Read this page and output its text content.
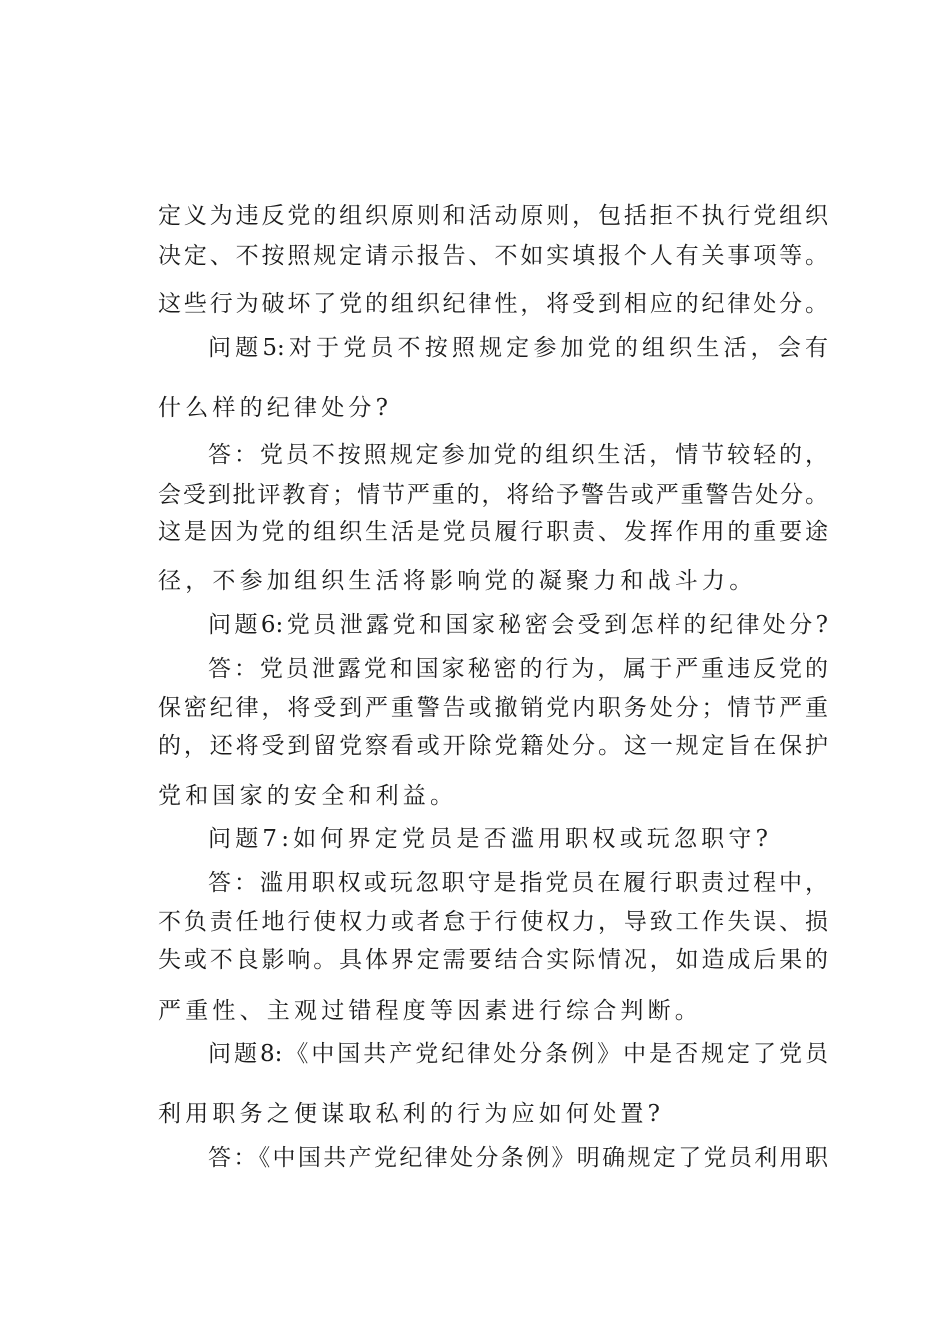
定义为违反党的组织原则和活动原则，包括拒不执行党组织
决定、不按照规定请示报告、不如实填报个人有关事项等。
这些行为破坏了党的组织纪律性，将受到相应的纪律处分。
问题5:对于党员不按照规定参加党的组织生活，会有
什么样的纪律处分?
答：党员不按照规定参加党的组织生活，情节较轻的，
会受到批评教育；情节严重的，将给予警告或严重警告处分。
这是因为党的组织生活是党员履行职责、发挥作用的重要途
径，不参加组织生活将影响党的凝聚力和战斗力。
问题6:党员泄露党和国家秘密会受到怎样的纪律处分?
答：党员泄露党和国家秘密的行为，属于严重违反党的
保密纪律，将受到严重警告或撤销党内职务处分；情节严重
的，还将受到留党察看或开除党籍处分。这一规定旨在保护
党和国家的安全和利益。
问题7:如何界定党员是否滥用职权或玩忽职守?
答：滥用职权或玩忽职守是指党员在履行职责过程中，
不负责任地行使权力或者怠于行使权力，导致工作失误、损
失或不良影响。具体界定需要结合实际情况，如造成后果的
严重性、主观过错程度等因素进行综合判断。
问题8:《中国共产党纪律处分条例》中是否规定了党员
利用职务之便谋取私利的行为应如何处置?
答：《中国共产党纪律处分条例》明确规定了党员利用职
